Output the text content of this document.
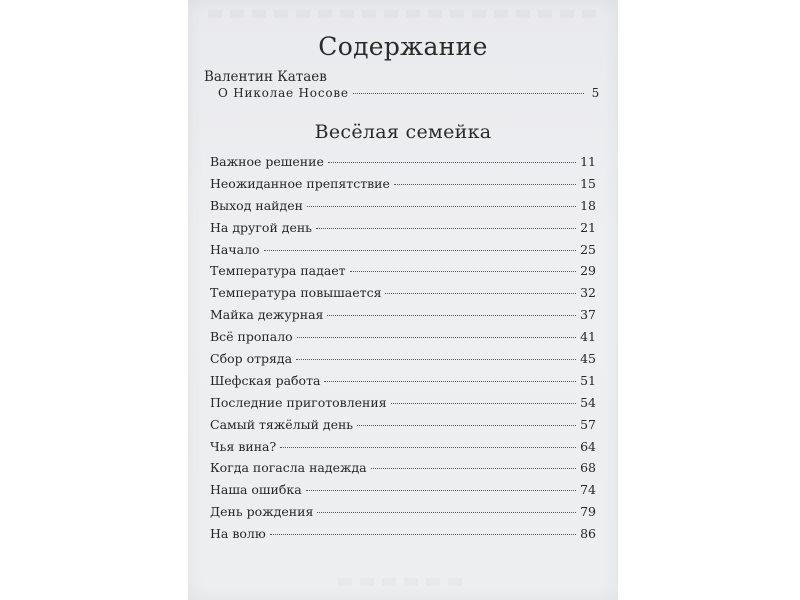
Содержание
Валентин Катаев
О Николае Носове	5
Весёлая семейка
Важное решение	11
Неожиданное препятствие	15
Выход найден	18
На другой день	21
Начало	25
Температура падает	29
Температура повышается	32
Майка дежурная	37
Всё пропало	41
Сбор отряда	45
Шефская работа	51
Последние приготовления	54
Самый тяжёлый день	57
Чья вина?	64
Когда погасла надежда	68
Наша ошибка	74
День рождения	79
На волю	86
